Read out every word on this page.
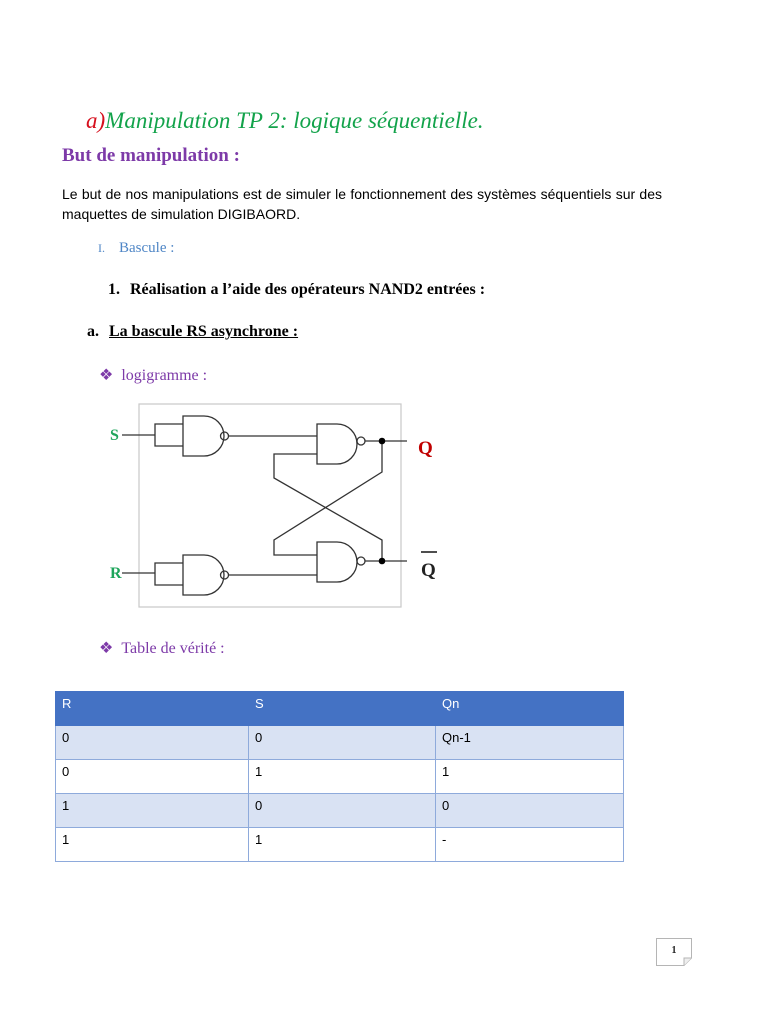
a)Manipulation TP 2: logique séquentielle.
But de manipulation :
Le but de nos manipulations est de simuler le fonctionnement des systèmes séquentiels sur des maquettes de simulation DIGIBAORD.
I. Bascule :
1. Réalisation a l’aide des opérateurs NAND2 entrées :
a. La bascule RS asynchrone :
❖ logigramme :
S
R
Q
Q
❖ Table de vérité :
R	S	Qn
0	0	Qn-1
0	1	1
1	0	0
1	1	-
1
